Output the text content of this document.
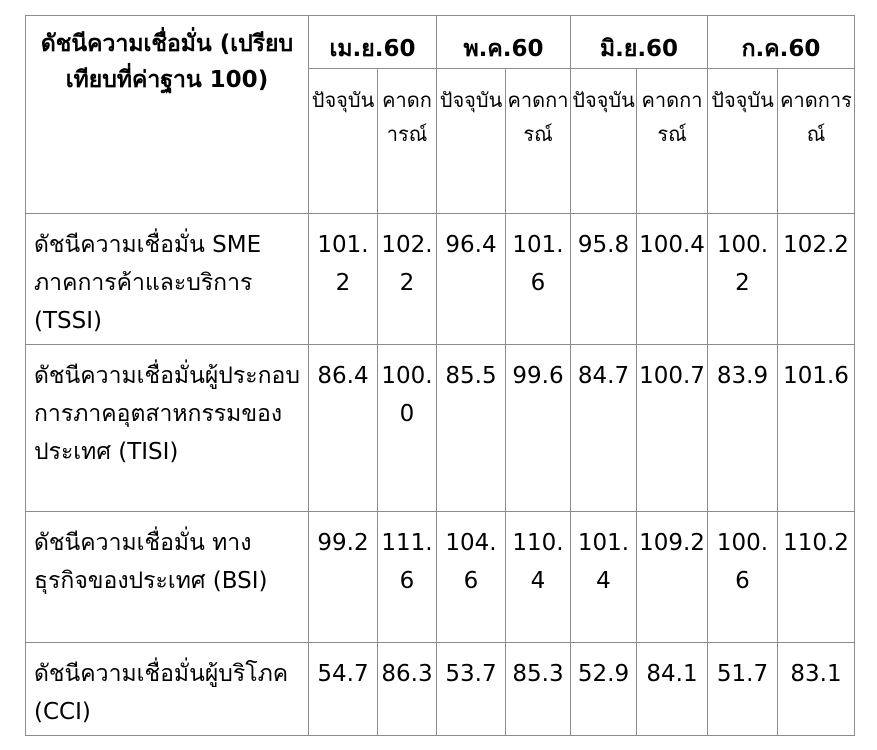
ดัชนีความเชื่อมั่น (เปรียบเทียบที่ค่าฐาน 100)	เม.ย.60		พ.ค.60		มิ.ย.60		ก.ค.60	
	ปัจจุบัน	คาดการณ์	ปัจจุบัน	คาดการณ์	ปัจจุบัน	คาดการณ์	ปัจจุบัน	คาดการณ์
ดัชนีความเชื่อมั่น SME ภาคการค้าและบริการ (TSSI)	101.2	102.2	96.4	101.6	95.8	100.4	100.2	102.2
ดัชนีความเชื่อมั่นผู้ประกอบการภาคอุตสาหกรรมของประเทศ (TISI)	86.4	100.0	85.5	99.6	84.7	100.7	83.9	101.6
ดัชนีความเชื่อมั่น ทางธุรกิจของประเทศ (BSI)	99.2	111.6	104.6	110.4	101.4	109.2	100.6	110.2
ดัชนีความเชื่อมั่นผู้บริโภค (CCI)	54.7	86.3	53.7	85.3	52.9	84.1	51.7	83.1
